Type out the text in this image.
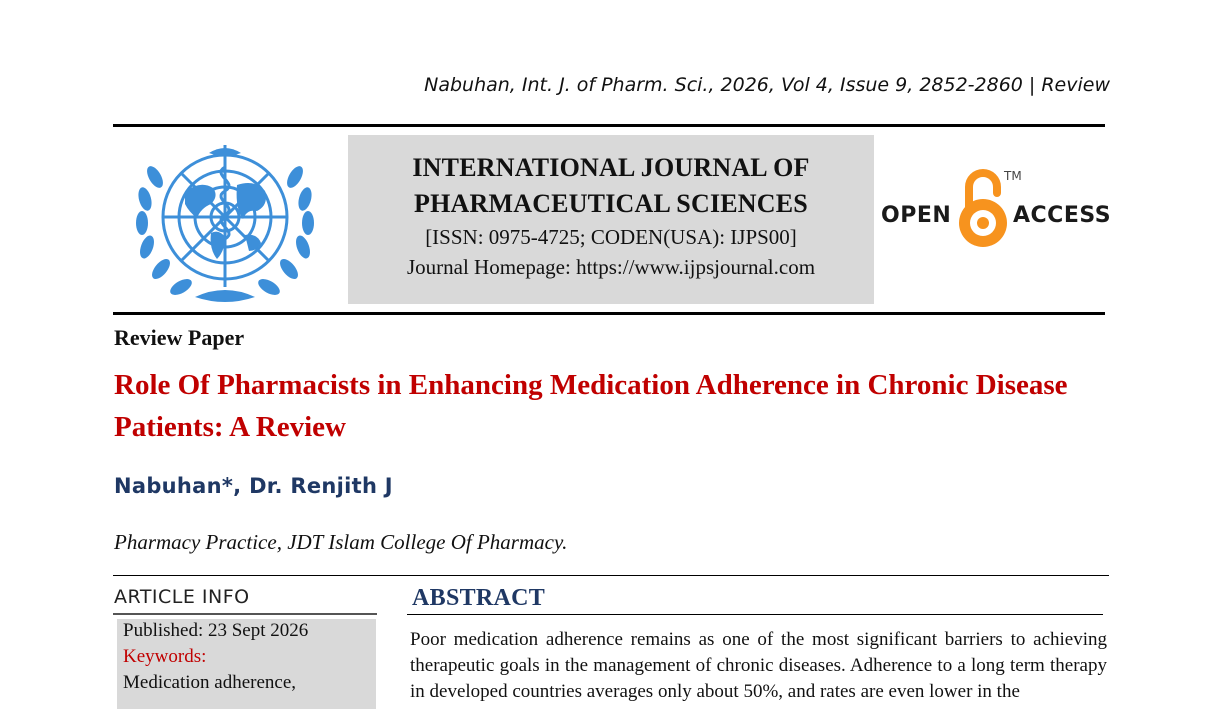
Nabuhan, Int. J. of Pharm. Sci., 2026, Vol 4, Issue 9, 2852-2860 | Review
INTERNATIONAL JOURNAL OF
PHARMACEUTICAL SCIENCES
[ISSN: 0975-4725; CODEN(USA): IJPS00]
Journal Homepage: https://www.ijpsjournal.com
OPEN
TM
ACCESS
Review Paper
Role Of Pharmacists in Enhancing Medication Adherence in Chronic Disease Patients: A Review
Nabuhan*, Dr. Renjith J
Pharmacy Practice, JDT Islam College Of Pharmacy.
ARTICLE INFO
Published: 23 Sept 2026
Keywords:
Medication adherence,
ABSTRACT
Poor medication adherence remains as one of the most significant barriers to achieving therapeutic goals in the management of chronic diseases. Adherence to a long term therapy in developed countries averages only about 50%, and rates are even lower in the
